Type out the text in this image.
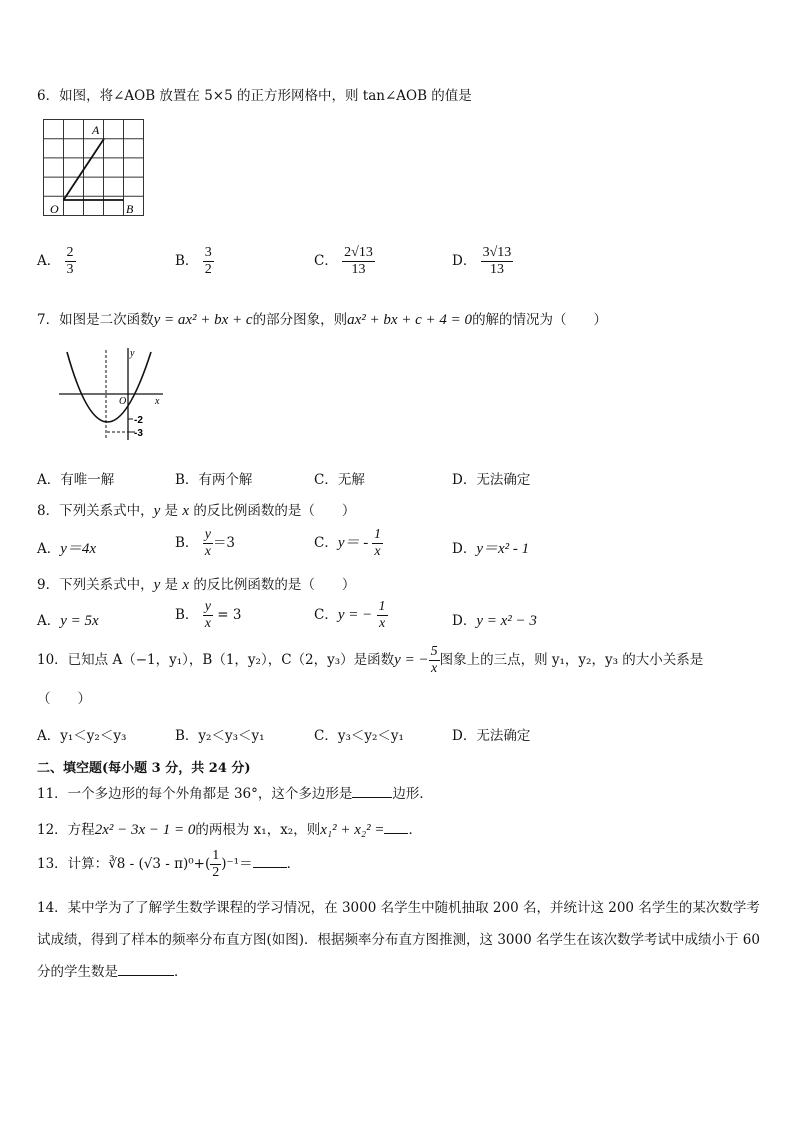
6．如图，将∠AOB 放置在 5×5 的正方形网格中，则 tan∠AOB 的值是
A
O	B
A． $\frac{2}{3}$	B． $\frac{3}{2}$	C． $\frac{2√13}{13}$	D． $\frac{3√13}{13}$
7．如图是二次函数y = ax² + bx + c的部分图象，则ax² + bx + c + 4 = 0的解的情况为（　　）
y
x
O
-2
-3
A．有唯一解	B．有两个解	C．无解	D．无法确定
8．下列关系式中，y 是 x 的反比例函数的是（　　）
A．y＝4x	B． $\frac{y}{x} =3$	C．$y= - \frac{1}{x}$	D．y＝x² - 1
9．下列关系式中，y 是 x 的反比例函数的是（　　）
A．y = 5x	B． $\frac{y}{x} = 3$	C．y = − $\frac{1}{x}$	D．y = x² − 3
10．已知点 A（−1，y₁），B（1，y₂），C（2，y₃）是函数y = − $\frac{5}{x}$ 图象上的三点，则 y₁，y₂，y₃ 的大小关系是
（　　）
A．y₁＜y₂＜y₃	B．y₂＜y₃＜y₁	C．y₃＜y₂＜y₁	D．无法确定
二、填空题(每小题 3 分，共 24 分)
11．一个多边形的每个外角都是 36°，这个多边形是	边形．
12．方程2x² − 3x − 1 = 0的两根为 x₁，x₂，则x₁² + x₂² = ．
13．计算：∛8 - $(√3 - \pi)^0+( \frac{1}{2} )^{-1}=$	．
14．某中学为了了解学生数学课程的学习情况，在 3000 名学生中随机抽取 200 名，并统计这 200 名学生的某次数学考
试成绩，得到了样本的频率分布直方图(如图)．根据频率分布直方图推测，这 3000 名学生在该次数学考试中成绩小于 60
分的学生数是	．
